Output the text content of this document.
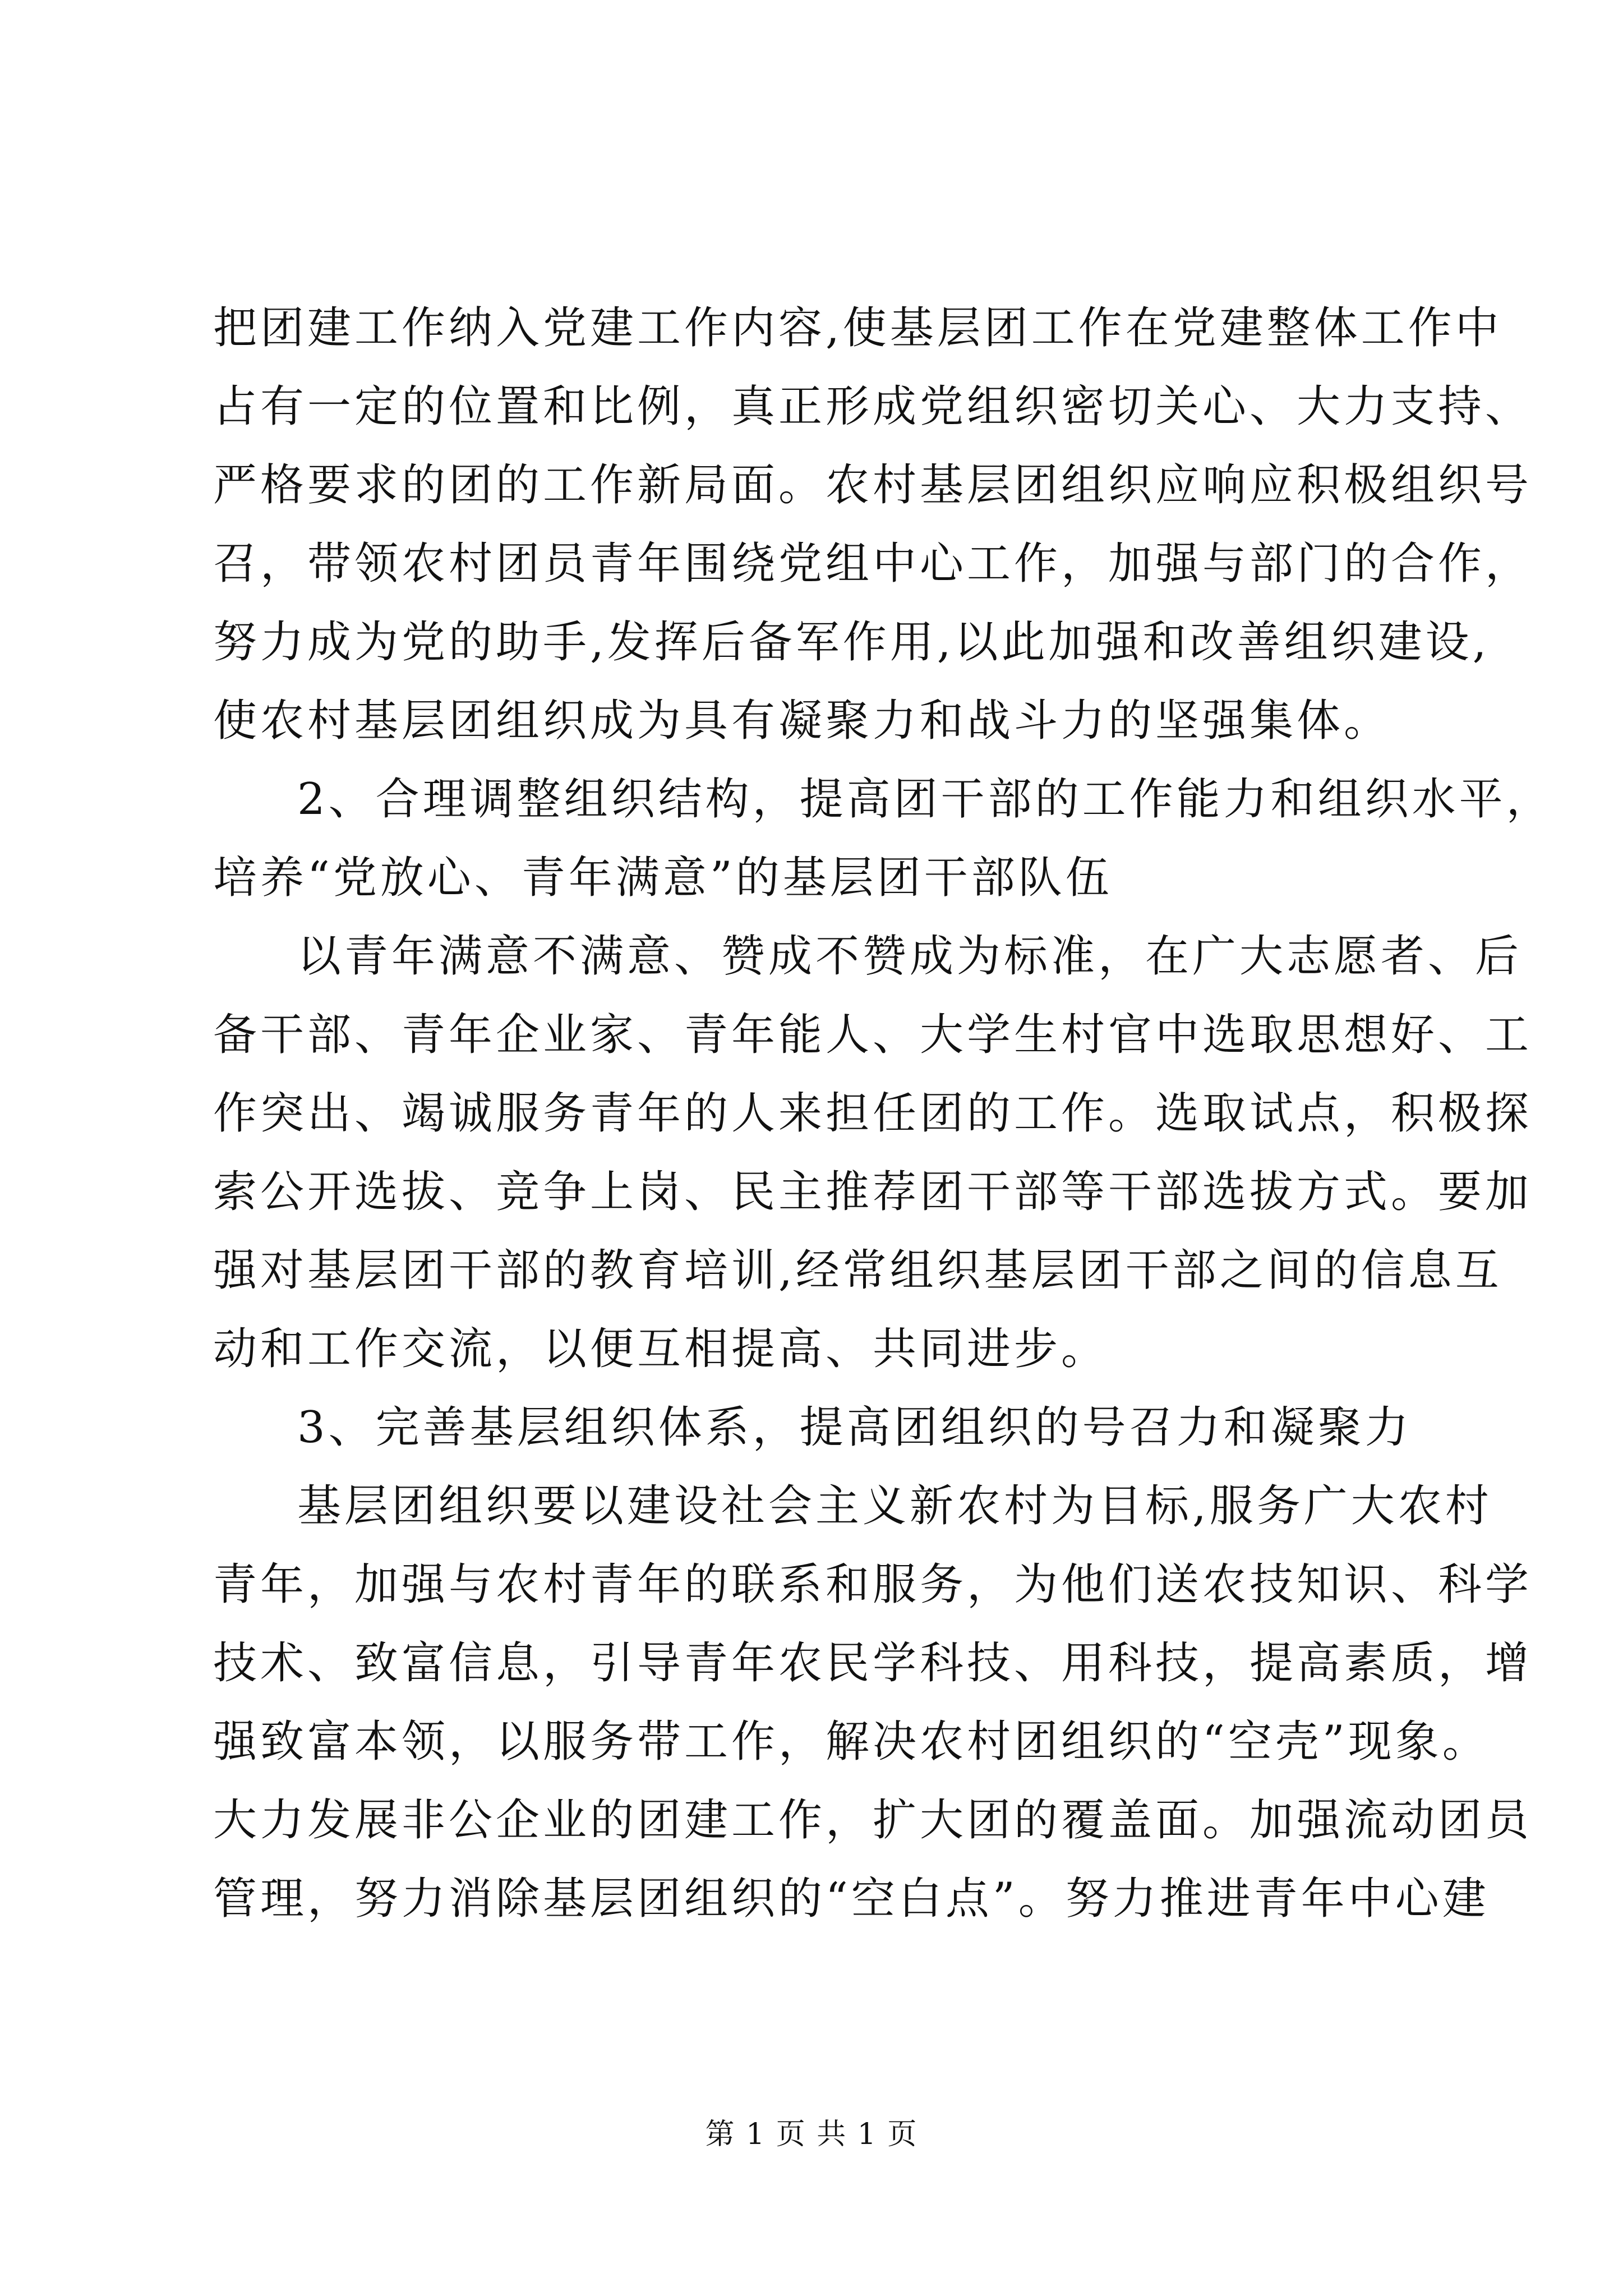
把团建工作纳入党建工作内容,使基层团工作在党建整体工作中
占有一定的位置和比例，真正形成党组织密切关心、大力支持、
严格要求的团的工作新局面。农村基层团组织应响应积极组织号
召，带领农村团员青年围绕党组中心工作，加强与部门的合作，
努力成为党的助手,发挥后备军作用,以此加强和改善组织建设,
使农村基层团组织成为具有凝聚力和战斗力的坚强集体。
2、合理调整组织结构，提高团干部的工作能力和组织水平，
培养“党放心、青年满意”的基层团干部队伍
以青年满意不满意、赞成不赞成为标准，在广大志愿者、后
备干部、青年企业家、青年能人、大学生村官中选取思想好、工
作突出、竭诚服务青年的人来担任团的工作。选取试点，积极探
索公开选拔、竞争上岗、民主推荐团干部等干部选拔方式。要加
强对基层团干部的教育培训,经常组织基层团干部之间的信息互
动和工作交流，以便互相提高、共同进步。
3、完善基层组织体系，提高团组织的号召力和凝聚力
基层团组织要以建设社会主义新农村为目标,服务广大农村
青年，加强与农村青年的联系和服务，为他们送农技知识、科学
技术、致富信息，引导青年农民学科技、用科技，提高素质，增
强致富本领，以服务带工作，解决农村团组织的“空壳”现象。
大力发展非公企业的团建工作，扩大团的覆盖面。加强流动团员
管理，努力消除基层团组织的“空白点”。努力推进青年中心建
第 1 页 共 1 页
